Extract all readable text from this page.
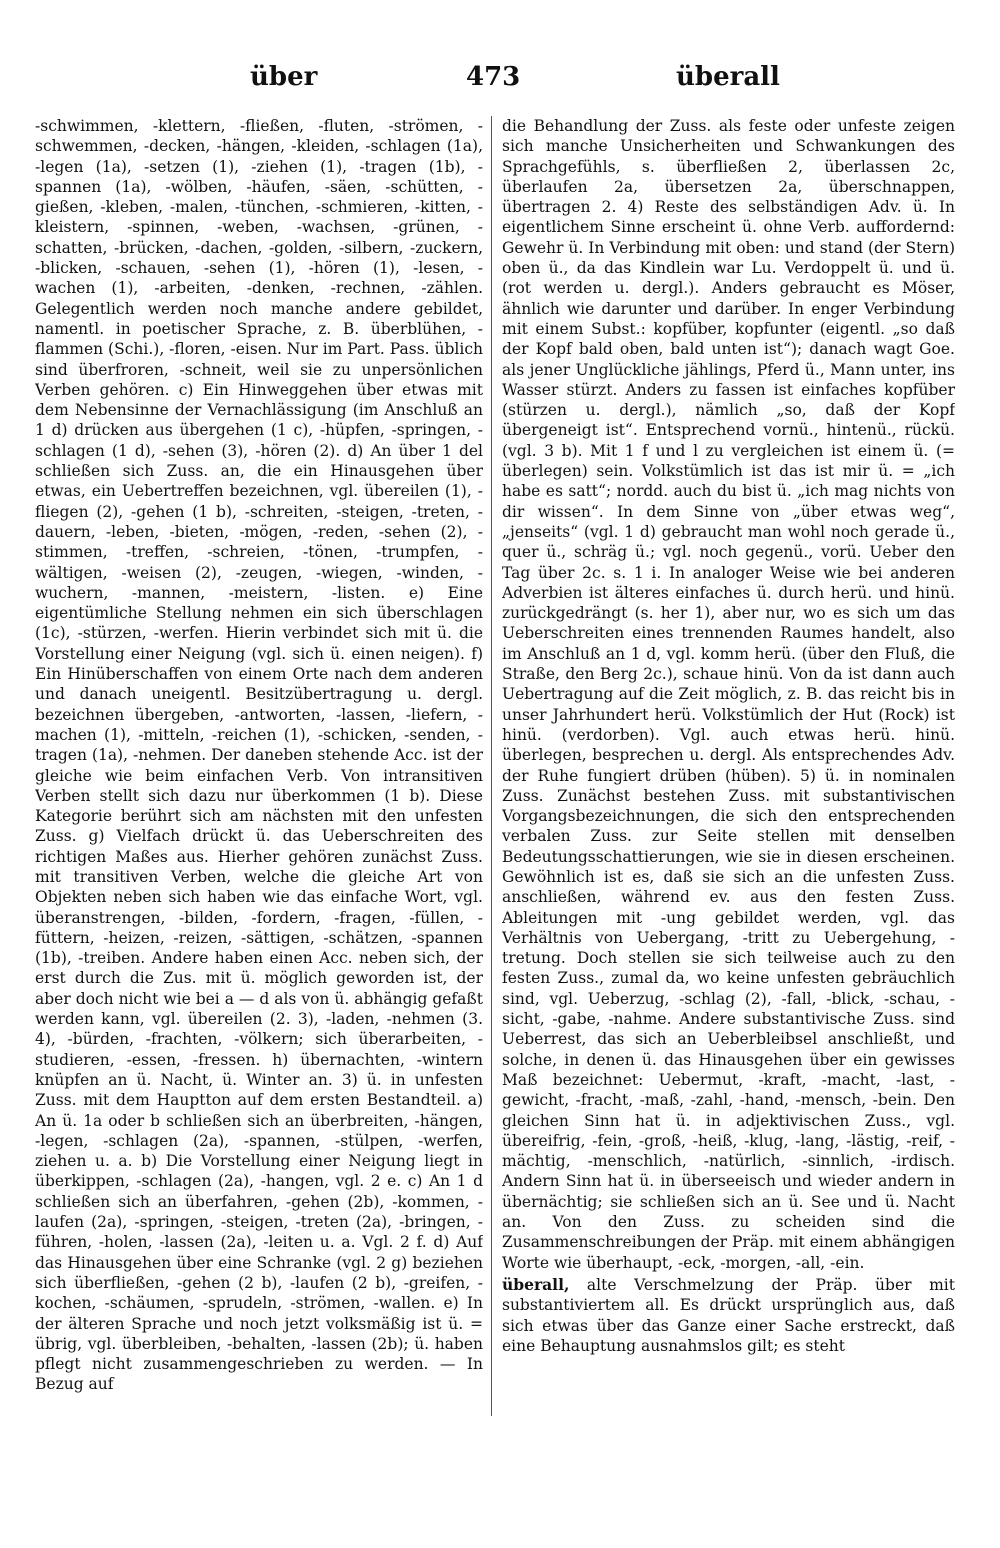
über	473	überall

-schwimmen, -klettern, -fließen, -fluten, -strömen, -schwemmen, -decken, -hängen, -kleiden, -schlagen (1a), -legen (1a), -setzen (1), -ziehen (1), -tragen (1b), -spannen (1a), -wölben, -häufen, -säen, -schütten, -gießen, -kleben, -malen, -tünchen, -schmieren, -kitten, -kleistern, -spinnen, -weben, -wachsen, -grünen, -schatten, -brücken, -dachen, -golden, -silbern, -zuckern, -blicken, -schauen, -sehen (1), -hören (1), -lesen, -wachen (1), -arbeiten, -denken, -rechnen, -zählen. Gelegentlich werden noch manche andere gebildet, namentl. in poetischer Sprache, z. B. überblühen, -flammen (Schi.), -floren, -eisen. Nur im Part. Pass. üblich sind überfroren, -schneit, weil sie zu unpersönlichen Verben gehören. c) Ein Hinweggehen über etwas mit dem Nebensinne der Vernachlässigung (im Anschluß an 1 d) drücken aus übergehen (1 c), -hüpfen, -springen, -schlagen (1 d), -sehen (3), -hören (2). d) An über 1 del schließen sich Zuss. an, die ein Hinausgehen über etwas, ein Uebertreffen bezeichnen, vgl. übereilen (1), -fliegen (2), -gehen (1 b), -schreiten, -steigen, -treten, -dauern, -leben, -bieten, -mögen, -reden, -sehen (2), -stimmen, -treffen, -schreien, -tönen, -trumpfen, -wältigen, -weisen (2), -zeugen, -wiegen, -winden, -wuchern, -mannen, -meistern, -listen. e) Eine eigentümliche Stellung nehmen ein sich überschlagen (1c), -stürzen, -werfen. Hierin verbindet sich mit ü. die Vorstellung einer Neigung (vgl. sich ü. einen neigen). f) Ein Hinüberschaffen von einem Orte nach dem anderen und danach uneigentl. Besitzübertragung u. dergl. bezeichnen übergeben, -antworten, -lassen, -liefern, -machen (1), -mitteln, -reichen (1), -schicken, -senden, -tragen (1a), -nehmen. Der daneben stehende Acc. ist der gleiche wie beim einfachen Verb. Von intransitiven Verben stellt sich dazu nur überkommen (1 b). Diese Kategorie berührt sich am nächsten mit den unfesten Zuss. g) Vielfach drückt ü. das Ueberschreiten des richtigen Maßes aus. Hierher gehören zunächst Zuss. mit transitiven Verben, welche die gleiche Art von Objekten neben sich haben wie das einfache Wort, vgl. überanstrengen, -bilden, -fordern, -fragen, -füllen, -füttern, -heizen, -reizen, -sättigen, -schätzen, -spannen (1b), -treiben. Andere haben einen Acc. neben sich, der erst durch die Zus. mit ü. möglich geworden ist, der aber doch nicht wie bei a — d als von ü. abhängig gefaßt werden kann, vgl. übereilen (2. 3), -laden, -nehmen (3. 4), -bürden, -frachten, -völkern; sich überarbeiten, -studieren, -essen, -fressen. h) übernachten, -wintern knüpfen an ü. Nacht, ü. Winter an. 3) ü. in unfesten Zuss. mit dem Hauptton auf dem ersten Bestandteil. a) An ü. 1a oder b schließen sich an überbreiten, -hängen, -legen, -schlagen (2a), -spannen, -stülpen, -werfen, ziehen u. a. b) Die Vorstellung einer Neigung liegt in überkippen, -schlagen (2a), -hangen, vgl. 2 e. c) An 1 d schließen sich an überfahren, -gehen (2b), -kommen, -laufen (2a), -springen, -steigen, -treten (2a), -bringen, -führen, -holen, -lassen (2a), -leiten u. a. Vgl. 2 f. d) Auf das Hinausgehen über eine Schranke (vgl. 2 g) beziehen sich überfließen, -gehen (2 b), -laufen (2 b), -greifen, -kochen, -schäumen, -sprudeln, -strömen, -wallen. e) In der älteren Sprache und noch jetzt volksmäßig ist ü. = übrig, vgl. überbleiben, -behalten, -lassen (2b); ü. haben pflegt nicht zusammengeschrieben zu werden. — In Bezug auf

die Behandlung der Zuss. als feste oder unfeste zeigen sich manche Unsicherheiten und Schwankungen des Sprachgefühls, s. überfließen 2, überlassen 2c, überlaufen 2a, übersetzen 2a, überschnappen, übertragen 2. 4) Reste des selbständigen Adv. ü. In eigentlichem Sinne erscheint ü. ohne Verb. auffordernd: Gewehr ü. In Verbindung mit oben: und stand (der Stern) oben ü., da das Kindlein war Lu. Verdoppelt ü. und ü. (rot werden u. dergl.). Anders gebraucht es Möser, ähnlich wie darunter und darüber. In enger Verbindung mit einem Subst.: kopfüber, kopfunter (eigentl. „so daß der Kopf bald oben, bald unten ist“); danach wagt Goe. als jener Unglückliche jählings, Pferd ü., Mann unter, ins Wasser stürzt. Anders zu fassen ist einfaches kopfüber (stürzen u. dergl.), nämlich „so, daß der Kopf übergeneigt ist“. Entsprechend vornü., hintenü., rückü. (vgl. 3 b). Mit 1 f und l zu vergleichen ist einem ü. (= überlegen) sein. Volkstümlich ist das ist mir ü. = „ich habe es satt“; nordd. auch du bist ü. „ich mag nichts von dir wissen“. In dem Sinne von „über etwas weg“, „jenseits“ (vgl. 1 d) gebraucht man wohl noch gerade ü., quer ü., schräg ü.; vgl. noch gegenü., vorü. Ueber den Tag über 2c. s. 1 i. In analoger Weise wie bei anderen Adverbien ist älteres einfaches ü. durch herü. und hinü. zurückgedrängt (s. her 1), aber nur, wo es sich um das Ueberschreiten eines trennenden Raumes handelt, also im Anschluß an 1 d, vgl. komm herü. (über den Fluß, die Straße, den Berg 2c.), schaue hinü. Von da ist dann auch Uebertragung auf die Zeit möglich, z. B. das reicht bis in unser Jahrhundert herü. Volkstümlich der Hut (Rock) ist hinü. (verdorben). Vgl. auch etwas herü. hinü. überlegen, besprechen u. dergl. Als entsprechendes Adv. der Ruhe fungiert drüben (hüben). 5) ü. in nominalen Zuss. Zunächst bestehen Zuss. mit substantivischen Vorgangsbezeichnungen, die sich den entsprechenden verbalen Zuss. zur Seite stellen mit denselben Bedeutungsschattierungen, wie sie in diesen erscheinen. Gewöhnlich ist es, daß sie sich an die unfesten Zuss. anschließen, während ev. aus den festen Zuss. Ableitungen mit -ung gebildet werden, vgl. das Verhältnis von Uebergang, -tritt zu Uebergehung, -tretung. Doch stellen sie sich teilweise auch zu den festen Zuss., zumal da, wo keine unfesten gebräuchlich sind, vgl. Ueberzug, -schlag (2), -fall, -blick, -schau, -sicht, -gabe, -nahme. Andere substantivische Zuss. sind Ueberrest, das sich an Ueberbleibsel anschließt, und solche, in denen ü. das Hinausgehen über ein gewisses Maß bezeichnet: Uebermut, -kraft, -macht, -last, -gewicht, -fracht, -maß, -zahl, -hand, -mensch, -bein. Den gleichen Sinn hat ü. in adjektivischen Zuss., vgl. übereifrig, -fein, -groß, -heiß, -klug, -lang, -lästig, -reif, -mächtig, -menschlich, -natürlich, -sinnlich, -irdisch. Andern Sinn hat ü. in überseeisch und wieder andern in übernächtig; sie schließen sich an ü. See und ü. Nacht an. Von den Zuss. zu scheiden sind die Zusammenschreibungen der Präp. mit einem abhängigen Worte wie überhaupt, -eck, -morgen, -all, -ein.

überall, alte Verschmelzung der Präp. über mit substantiviertem all. Es drückt ursprünglich aus, daß sich etwas über das Ganze einer Sache erstreckt, daß eine Behauptung ausnahmslos gilt; es steht
